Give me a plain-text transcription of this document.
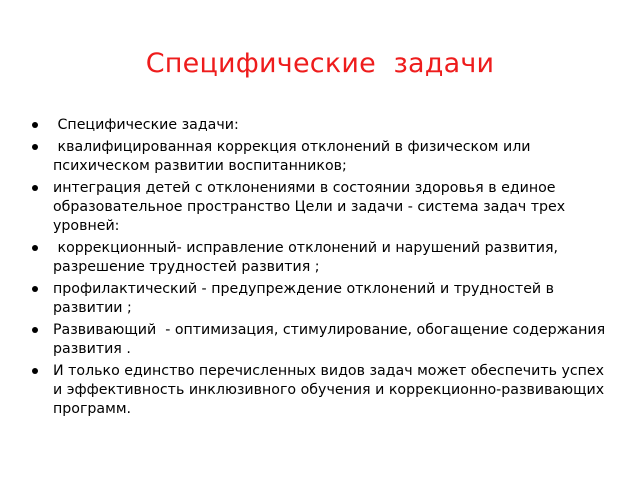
Специфические  задачи
Специфические задачи:
квалифицированная коррекция отклонений в физическом или психическом развитии воспитанников;
интеграция детей с отклонениями в состоянии здоровья в единое образовательное пространство Цели и задачи - система задач трех уровней:
коррекционный- исправление отклонений и нарушений развития, разрешение трудностей развития ;
профилактический - предупреждение отклонений и трудностей в развитии ;
Развивающий  - оптимизация, стимулирование, обогащение содержания развития .
И только единство перечисленных видов задач может обеспечить успех и эффективность инклюзивного обучения и коррекционно-развивающих программ.
